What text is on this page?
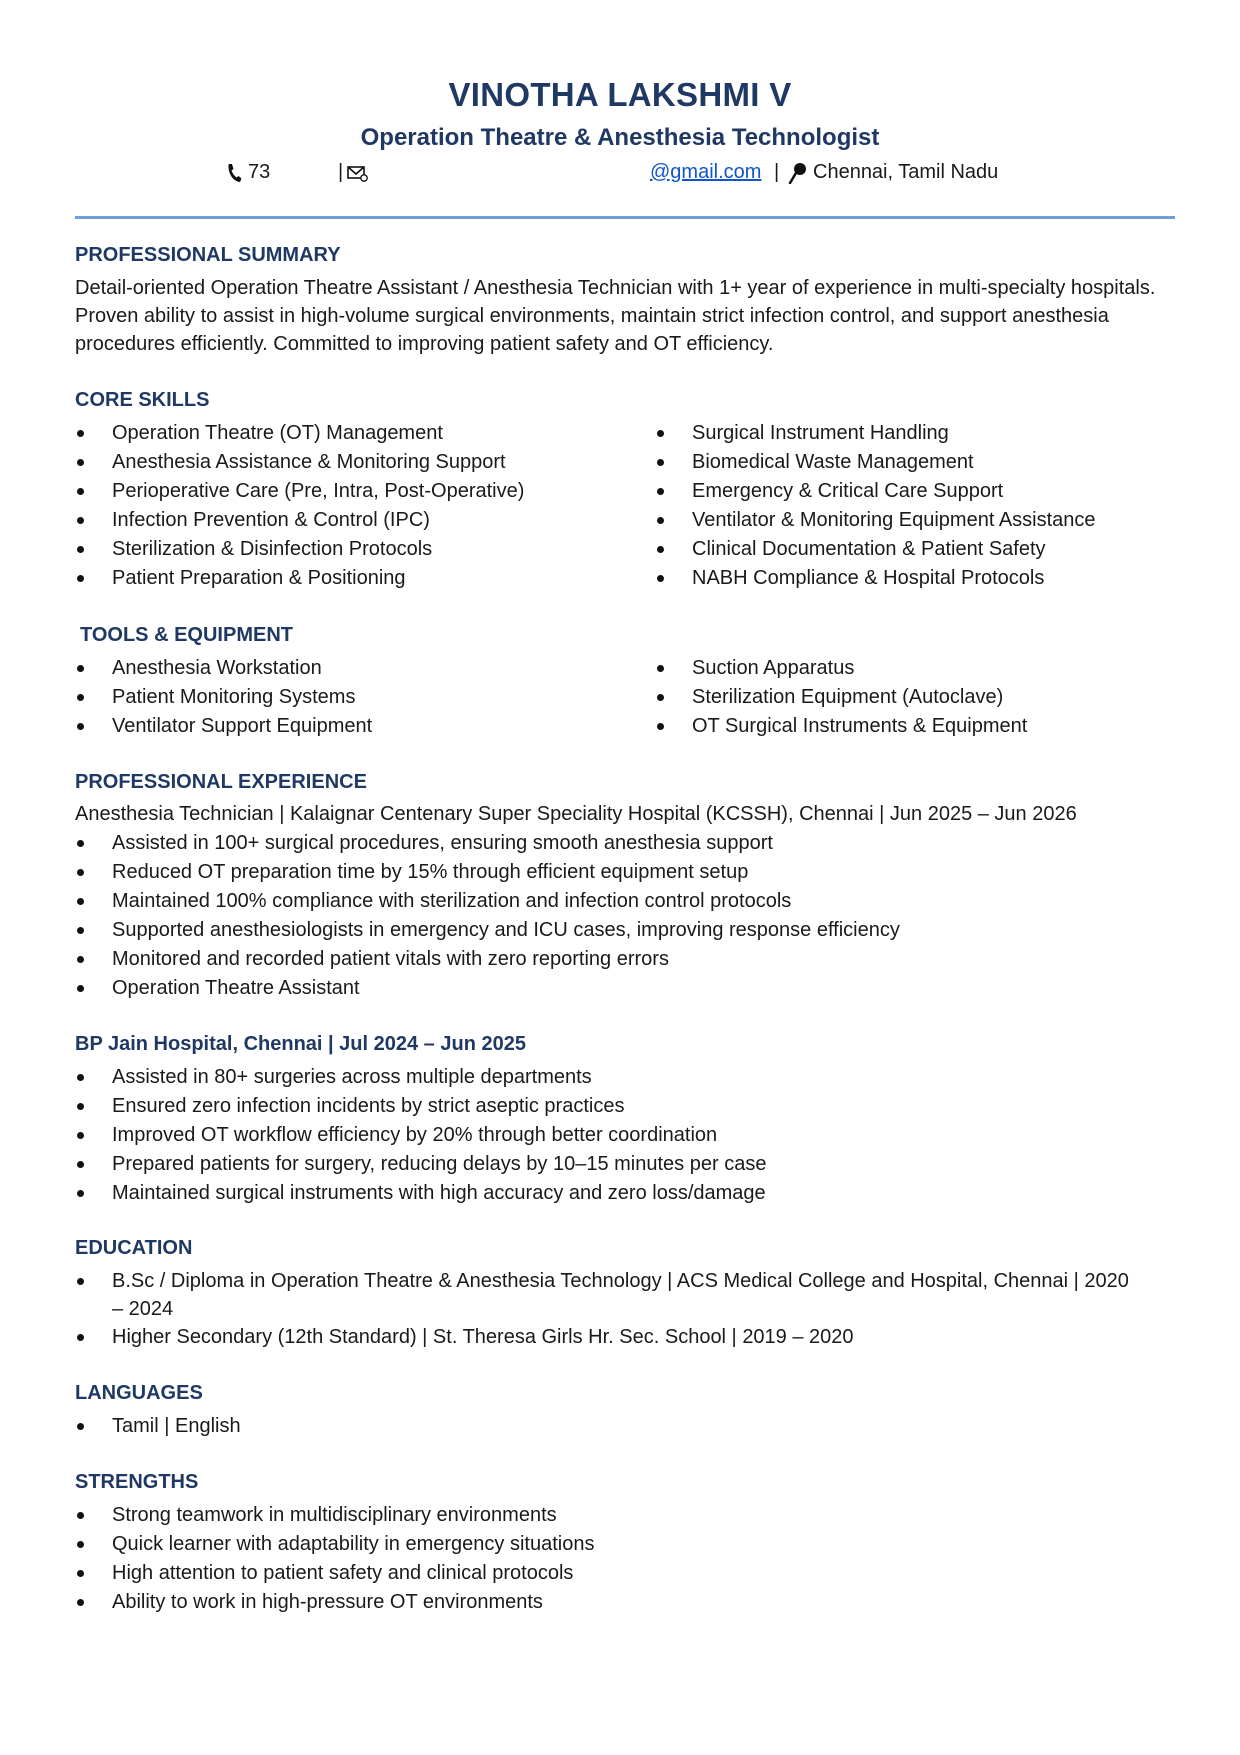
VINOTHA LAKSHMI V
Operation Theatre & Anesthesia Technologist
73	|	@gmail.com | Chennai, Tamil Nadu
PROFESSIONAL SUMMARY
Detail-oriented Operation Theatre Assistant / Anesthesia Technician with 1+ year of experience in multi-specialty hospitals. Proven ability to assist in high-volume surgical environments, maintain strict infection control, and support anesthesia procedures efficiently. Committed to improving patient safety and OT efficiency.
CORE SKILLS
Operation Theatre (OT) Management
Anesthesia Assistance & Monitoring Support
Perioperative Care (Pre, Intra, Post-Operative)
Infection Prevention & Control (IPC)
Sterilization & Disinfection Protocols
Patient Preparation & Positioning
Surgical Instrument Handling
Biomedical Waste Management
Emergency & Critical Care Support
Ventilator & Monitoring Equipment Assistance
Clinical Documentation & Patient Safety
NABH Compliance & Hospital Protocols
TOOLS & EQUIPMENT
Anesthesia Workstation
Patient Monitoring Systems
Ventilator Support Equipment
Suction Apparatus
Sterilization Equipment (Autoclave)
OT Surgical Instruments & Equipment
PROFESSIONAL EXPERIENCE
Anesthesia Technician | Kalaignar Centenary Super Speciality Hospital (KCSSH), Chennai | Jun 2025 – Jun 2026
Assisted in 100+ surgical procedures, ensuring smooth anesthesia support
Reduced OT preparation time by 15% through efficient equipment setup
Maintained 100% compliance with sterilization and infection control protocols
Supported anesthesiologists in emergency and ICU cases, improving response efficiency
Monitored and recorded patient vitals with zero reporting errors
Operation Theatre Assistant
BP Jain Hospital, Chennai | Jul 2024 – Jun 2025
Assisted in 80+ surgeries across multiple departments
Ensured zero infection incidents by strict aseptic practices
Improved OT workflow efficiency by 20% through better coordination
Prepared patients for surgery, reducing delays by 10–15 minutes per case
Maintained surgical instruments with high accuracy and zero loss/damage
EDUCATION
B.Sc / Diploma in Operation Theatre & Anesthesia Technology | ACS Medical College and Hospital, Chennai | 2020 – 2024
Higher Secondary (12th Standard) | St. Theresa Girls Hr. Sec. School | 2019 – 2020
LANGUAGES
Tamil | English
STRENGTHS
Strong teamwork in multidisciplinary environments
Quick learner with adaptability in emergency situations
High attention to patient safety and clinical protocols
Ability to work in high-pressure OT environments
